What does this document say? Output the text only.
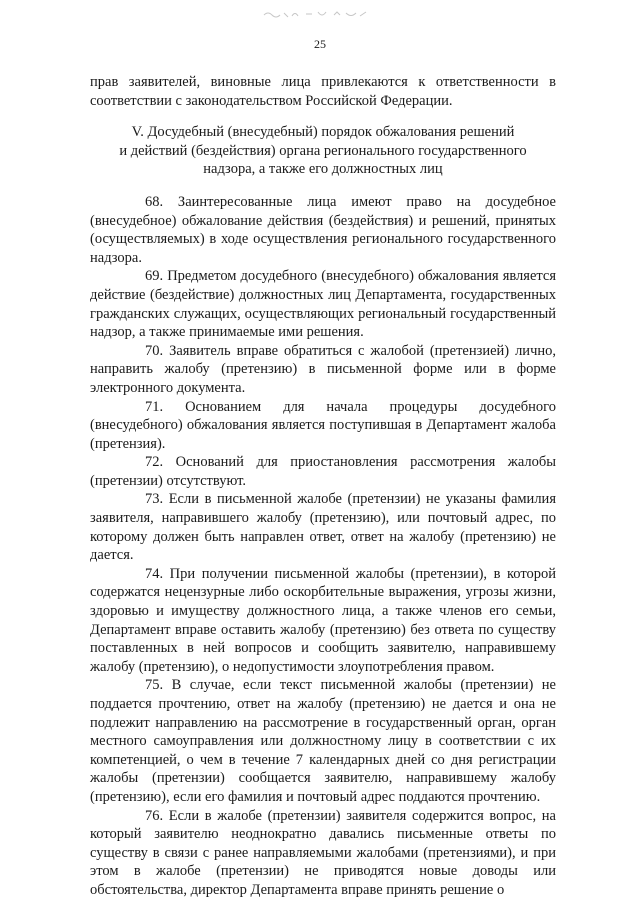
25

прав заявителей, виновные лица привлекаются к ответственности в соответствии с законодательством Российской Федерации.

V. Досудебный (внесудебный) порядок обжалования решений
и действий (бездействия) органа регионального государственного
надзора, а также его должностных лиц

68. Заинтересованные лица имеют право на досудебное (внесудебное) обжалование действия (бездействия) и решений, принятых (осуществляемых) в ходе осуществления регионального государственного надзора.

69. Предметом досудебного (внесудебного) обжалования является действие (бездействие) должностных лиц Департамента, государственных гражданских служащих, осуществляющих региональный государственный надзор, а также принимаемые ими решения.

70. Заявитель вправе обратиться с жалобой (претензией) лично, направить жалобу (претензию) в письменной форме или в форме электронного документа.

71. Основанием для начала процедуры досудебного (внесудебного) обжалования является поступившая в Департамент жалоба (претензия).

72. Оснований для приостановления рассмотрения жалобы (претензии) отсутствуют.

73. Если в письменной жалобе (претензии) не указаны фамилия заявителя, направившего жалобу (претензию), или почтовый адрес, по которому должен быть направлен ответ, ответ на жалобу (претензию) не дается.

74. При получении письменной жалобы (претензии), в которой содержатся нецензурные либо оскорбительные выражения, угрозы жизни, здоровью и имуществу должностного лица, а также членов его семьи, Департамент вправе оставить жалобу (претензию) без ответа по существу поставленных в ней вопросов и сообщить заявителю, направившему жалобу (претензию), о недопустимости злоупотребления правом.

75. В случае, если текст письменной жалобы (претензии) не поддается прочтению, ответ на жалобу (претензию) не дается и она не подлежит направлению на рассмотрение в государственный орган, орган местного самоуправления или должностному лицу в соответствии с их компетенцией, о чем в течение 7 календарных дней со дня регистрации жалобы (претензии) сообщается заявителю, направившему жалобу (претензию), если его фамилия и почтовый адрес поддаются прочтению.

76. Если в жалобе (претензии) заявителя содержится вопрос, на который заявителю неоднократно давались письменные ответы по существу в связи с ранее направляемыми жалобами (претензиями), и при этом в жалобе (претензии) не приводятся новые доводы или обстоятельства, директор Департамента вправе принять решение о
